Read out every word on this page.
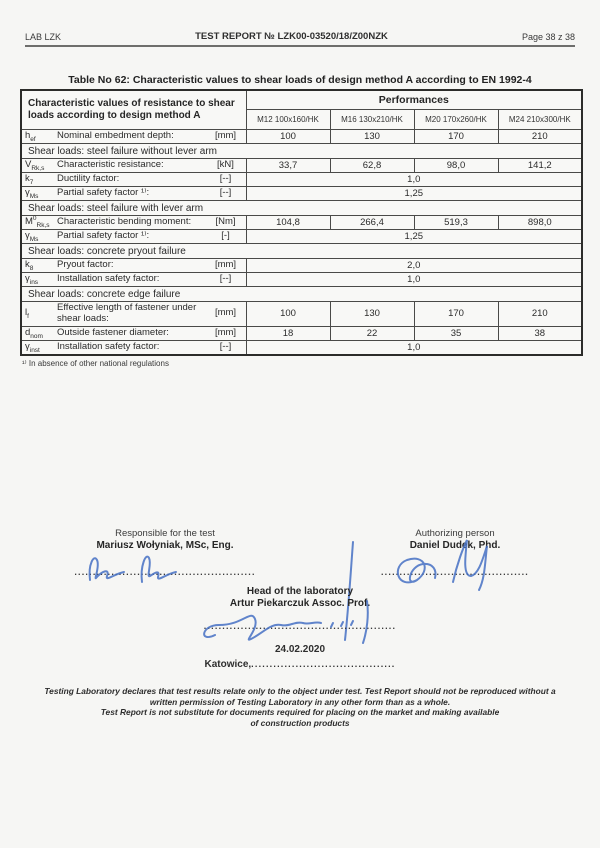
LAB LZK	TEST REPORT № LZK00-03520/18/Z00NZK	Page 38 z 38
Table No 62: Characteristic values to shear loads of design method A according to EN 1992-4
Characteristic values of resistance to shear loads according to design method A	Performances			
	M12 100x160/HK	M16 130x210/HK	M20 170x260/HK	M24 210x300/HK

$h_{ef}$ Nominal embedment depth: [mm]	100	130	170	210
Shear loads: steel failure without lever arm				

$V_{Rk,s}$ Characteristic resistance: [kN]	33,7	62,8	98,0	141,2

$k_7$ Ductility factor: [--]	1,0			

$\gamma_{Ms}$ Partial safety factor ¹⁾: [--]	1,25			
Shear loads: steel failure with lever arm				

$M^0_{Rk,s}$ Characteristic bending moment: [Nm]	104,8	266,4	519,3	898,0

$\gamma_{Ms}$ Partial safety factor ¹⁾: [-]	1,25			
Shear loads: concrete pryout failure				

$k_8$ Pryout factor: [mm]	2,0			

$\gamma_{ins}$ Installation safety factor: [--]	1,0			
Shear loads: concrete edge failure				

$l_f$
Effective length of fastener under shear loads: [mm]	100	130	170	210

$d_{nom}$ Outside fastener diameter: [mm]	18	22	35	38

$\gamma_{inst}$ Installation safety factor: [--]	1,0			
¹⁾ In absence of other national regulations
Responsible for the test
Mariusz Wołyniak, MSc, Eng.
.................................................
Authorizing person
Daniel Dudek, Phd.
........................................
Head of the laboratory
Artur Piekarczuk Assoc. Prof.
....................................................
24.02.2020
Katowice,.......................................
Testing Laboratory declares that test results relate only to the object under test. Test Report should not be reproduced without a
written permission of Testing Laboratory in any other form than as a whole.
Test Report is not substitute for documents required for placing on the market and making available
of construction products
